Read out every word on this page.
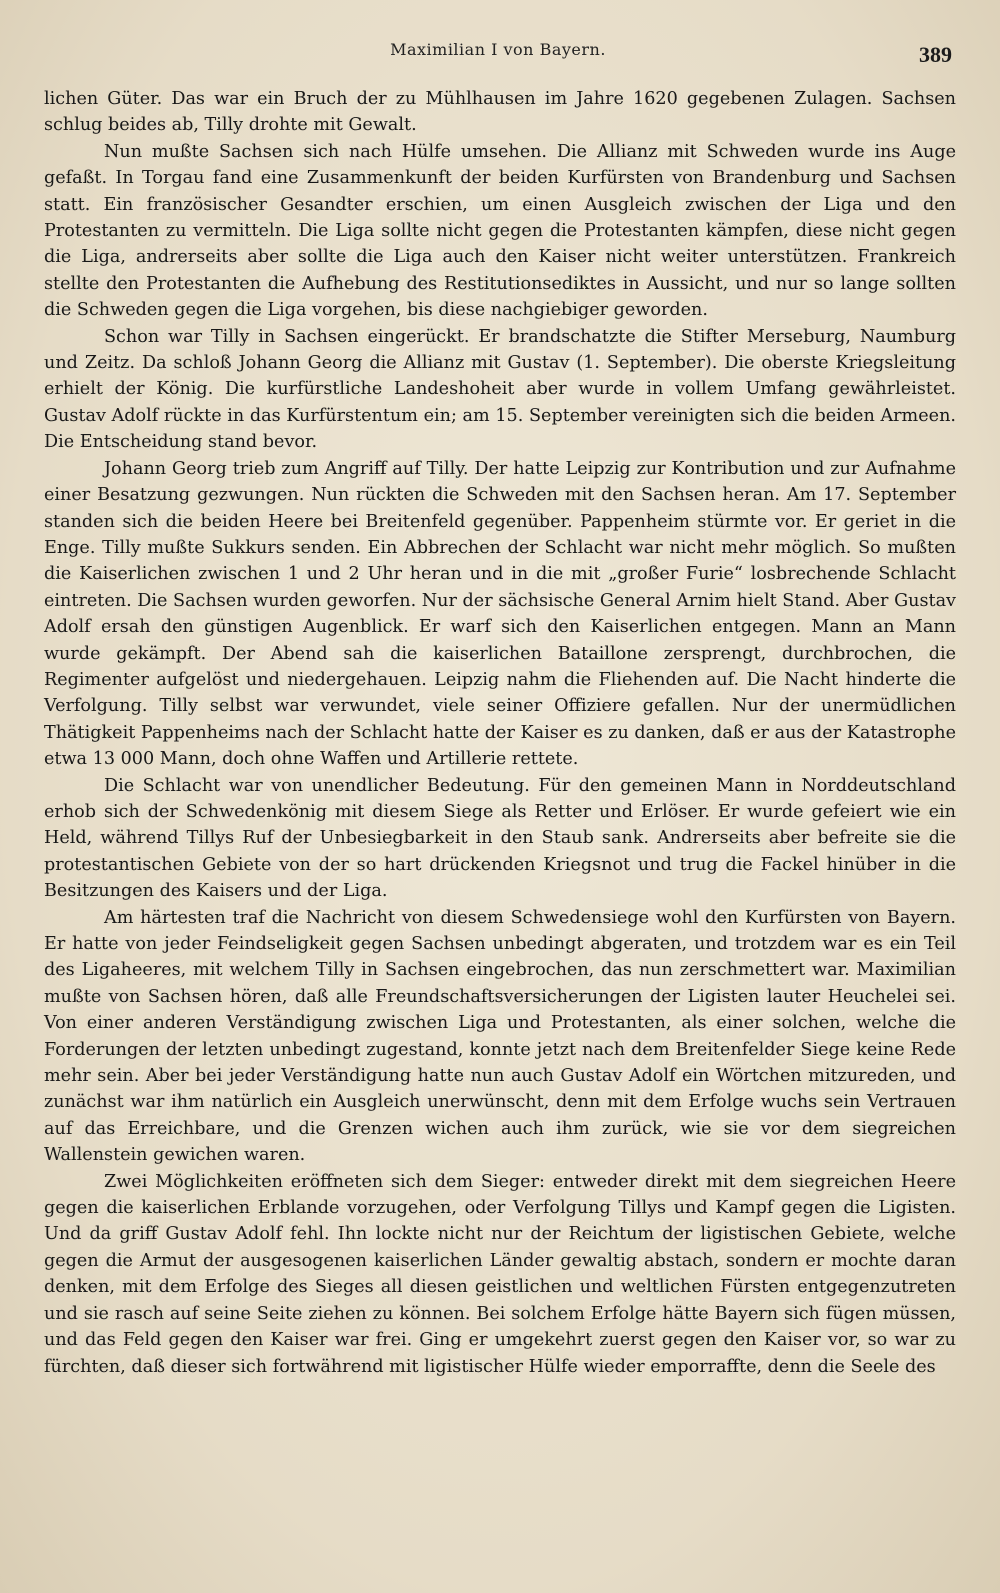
Maximilian I von Bayern.	389

lichen Güter. Das war ein Bruch der zu Mühlhausen im Jahre 1620 gegebenen Zulagen. Sachsen schlug beides ab, Tilly drohte mit Gewalt.

Nun mußte Sachsen sich nach Hülfe umsehen. Die Allianz mit Schweden wurde ins Auge gefaßt. In Torgau fand eine Zusammenkunft der beiden Kurfürsten von Brandenburg und Sachsen statt. Ein französischer Gesandter erschien, um einen Ausgleich zwischen der Liga und den Protestanten zu vermitteln. Die Liga sollte nicht gegen die Protestanten kämpfen, diese nicht gegen die Liga, andrerseits aber sollte die Liga auch den Kaiser nicht weiter unterstützen. Frankreich stellte den Protestanten die Aufhebung des Restitutionsediktes in Aussicht, und nur so lange sollten die Schweden gegen die Liga vorgehen, bis diese nachgiebiger geworden.

Schon war Tilly in Sachsen eingerückt. Er brandschatzte die Stifter Merseburg, Naumburg und Zeitz. Da schloß Johann Georg die Allianz mit Gustav (1. September). Die oberste Kriegsleitung erhielt der König. Die kurfürstliche Landeshoheit aber wurde in vollem Umfang gewährleistet. Gustav Adolf rückte in das Kurfürstentum ein; am 15. September vereinigten sich die beiden Armeen. Die Entscheidung stand bevor.

Johann Georg trieb zum Angriff auf Tilly. Der hatte Leipzig zur Kontribution und zur Aufnahme einer Besatzung gezwungen. Nun rückten die Schweden mit den Sachsen heran. Am 17. September standen sich die beiden Heere bei Breitenfeld gegenüber. Pappenheim stürmte vor. Er geriet in die Enge. Tilly mußte Sukkurs senden. Ein Abbrechen der Schlacht war nicht mehr möglich. So mußten die Kaiserlichen zwischen 1 und 2 Uhr heran und in die mit „großer Furie“ losbrechende Schlacht eintreten. Die Sachsen wurden geworfen. Nur der sächsische General Arnim hielt Stand. Aber Gustav Adolf ersah den günstigen Augenblick. Er warf sich den Kaiserlichen entgegen. Mann an Mann wurde gekämpft. Der Abend sah die kaiserlichen Bataillone zersprengt, durchbrochen, die Regimenter aufgelöst und niedergehauen. Leipzig nahm die Fliehenden auf. Die Nacht hinderte die Verfolgung. Tilly selbst war verwundet, viele seiner Offiziere gefallen. Nur der unermüdlichen Thätigkeit Pappenheims nach der Schlacht hatte der Kaiser es zu danken, daß er aus der Katastrophe etwa 13 000 Mann, doch ohne Waffen und Artillerie rettete.

Die Schlacht war von unendlicher Bedeutung. Für den gemeinen Mann in Norddeutschland erhob sich der Schwedenkönig mit diesem Siege als Retter und Erlöser. Er wurde gefeiert wie ein Held, während Tillys Ruf der Unbesiegbarkeit in den Staub sank. Andrerseits aber befreite sie die protestantischen Gebiete von der so hart drückenden Kriegsnot und trug die Fackel hinüber in die Besitzungen des Kaisers und der Liga.

Am härtesten traf die Nachricht von diesem Schwedensiege wohl den Kurfürsten von Bayern. Er hatte von jeder Feindseligkeit gegen Sachsen unbedingt abgeraten, und trotzdem war es ein Teil des Ligaheeres, mit welchem Tilly in Sachsen eingebrochen, das nun zerschmettert war. Maximilian mußte von Sachsen hören, daß alle Freundschaftsversicherungen der Ligisten lauter Heuchelei sei. Von einer anderen Verständigung zwischen Liga und Protestanten, als einer solchen, welche die Forderungen der letzten unbedingt zugestand, konnte jetzt nach dem Breitenfelder Siege keine Rede mehr sein. Aber bei jeder Verständigung hatte nun auch Gustav Adolf ein Wörtchen mitzureden, und zunächst war ihm natürlich ein Ausgleich unerwünscht, denn mit dem Erfolge wuchs sein Vertrauen auf das Erreichbare, und die Grenzen wichen auch ihm zurück, wie sie vor dem siegreichen Wallenstein gewichen waren.

Zwei Möglichkeiten eröffneten sich dem Sieger: entweder direkt mit dem siegreichen Heere gegen die kaiserlichen Erblande vorzugehen, oder Verfolgung Tillys und Kampf gegen die Ligisten. Und da griff Gustav Adolf fehl. Ihn lockte nicht nur der Reichtum der ligistischen Gebiete, welche gegen die Armut der ausgesogenen kaiserlichen Länder gewaltig abstach, sondern er mochte daran denken, mit dem Erfolge des Sieges all diesen geistlichen und weltlichen Fürsten entgegenzutreten und sie rasch auf seine Seite ziehen zu können. Bei solchem Erfolge hätte Bayern sich fügen müssen, und das Feld gegen den Kaiser war frei. Ging er umgekehrt zuerst gegen den Kaiser vor, so war zu fürchten, daß dieser sich fortwährend mit ligistischer Hülfe wieder emporraffte, denn die Seele des
